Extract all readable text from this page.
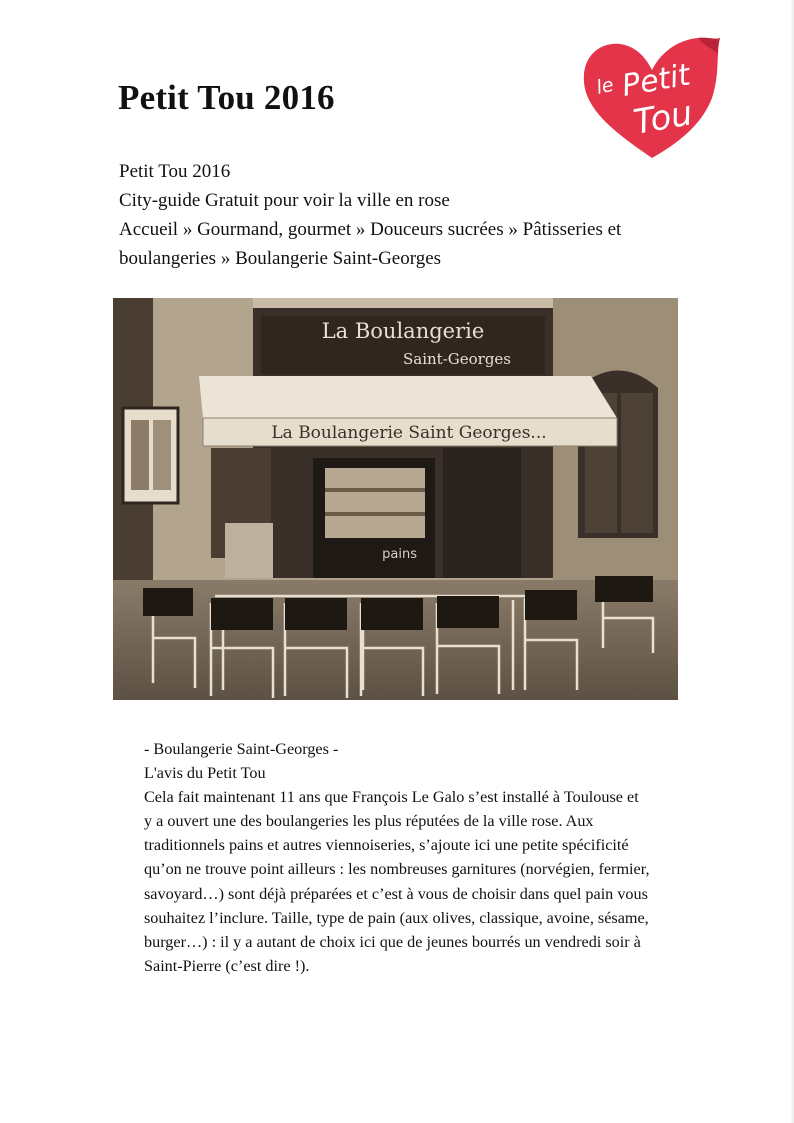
Petit Tou 2016	le Petit
Tou
Petit Tou 2016
City-guide Gratuit pour voir la ville en rose
Accueil » Gourmand, gourmet » Douceurs sucrées » Pâtisseries et
boulangeries » Boulangerie Saint-Georges
La Boulangerie
Saint-Georges
La Boulangerie Saint Georges...
pains

- Boulangerie Saint-Georges -

L'avis du Petit Tou

Cela fait maintenant 11 ans que François Le Galo s’est installé à Toulouse et

y a ouvert une des boulangeries les plus réputées de la ville rose. Aux

traditionnels pains et autres viennoiseries, s’ajoute ici une petite spécificité

qu’on ne trouve point ailleurs : les nombreuses garnitures (norvégien, fermier,

savoyard…) sont déjà préparées et c’est à vous de choisir dans quel pain vous

souhaitez l’inclure. Taille, type de pain (aux olives, classique, avoine, sésame,

burger…) : il y a autant de choix ici que de jeunes bourrés un vendredi soir à

Saint-Pierre (c’est dire !).
